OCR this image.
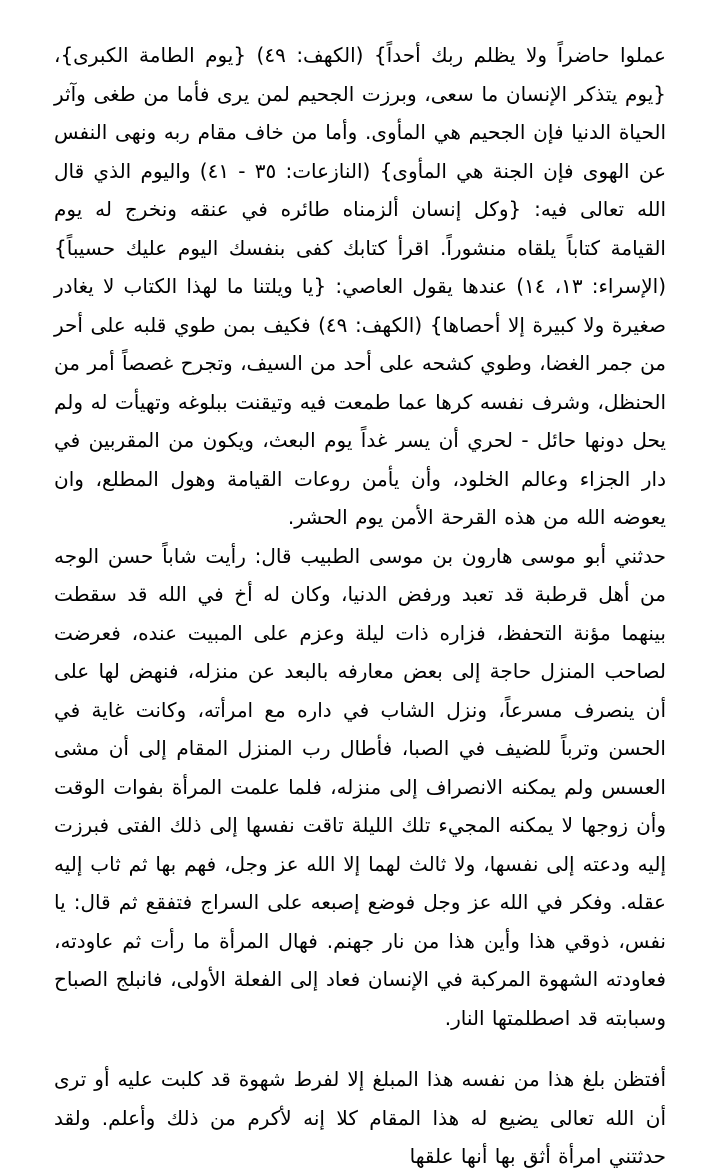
عملوا حاضراً ولا يظلم ربك أحداً} (الكهف: ٤٩) {يوم الطامة الكبرى}، {يوم يتذكر الإنسان ما سعى، وبرزت الجحيم لمن يرى فأما من طغى وآثر الحياة الدنيا فإن الجحيم هي المأوى. وأما من خاف مقام ربه ونهى النفس عن الهوى فإن الجنة هي المأوى} (النازعات: ٣٥ - ٤١) واليوم الذي قال الله تعالى فيه: {وكل إنسان ألزمناه طائره في عنقه ونخرج له يوم القيامة كتاباً يلقاه منشوراً. اقرأ كتابك كفى بنفسك اليوم عليك حسيباً} (الإسراء: ١٣، ١٤) عندها يقول العاصي: {يا ويلتنا ما لهذا الكتاب لا يغادر صغيرة ولا كبيرة إلا أحصاها} (الكهف: ٤٩) فكيف بمن طوي قلبه على أحر من جمر الغضا، وطوي كشحه على أحد من السيف، وتجرح غصصاً أمر من الحنظل، وشرف نفسه كرها عما طمعت فيه وتيقنت ببلوغه وتهيأت له ولم يحل دونها حائل - لحري أن يسر غداً يوم البعث، ويكون من المقربين في دار الجزاء وعالم الخلود، وأن يأمن روعات القيامة وهول المطلع، وان يعوضه الله من هذه القرحة الأمن يوم الحشر.

حدثني أبو موسى هارون بن موسى الطبيب قال: رأيت شاباً حسن الوجه من أهل قرطبة قد تعبد ورفض الدنيا، وكان له أخ في الله قد سقطت بينهما مؤنة التحفظ، فزاره ذات ليلة وعزم على المبيت عنده، فعرضت لصاحب المنزل حاجة إلى بعض معارفه بالبعد عن منزله، فنهض لها على أن ينصرف مسرعاً، ونزل الشاب في داره مع امرأته، وكانت غاية في الحسن وترباً للضيف في الصبا، فأطال رب المنزل المقام إلى أن مشى العسس ولم يمكنه الانصراف إلى منزله، فلما علمت المرأة بفوات الوقت وأن زوجها لا يمكنه المجيء تلك الليلة تاقت نفسها إلى ذلك الفتى فبرزت إليه ودعته إلى نفسها، ولا ثالث لهما إلا الله عز وجل، فهم بها ثم ثاب إليه عقله. وفكر في الله عز وجل فوضع إصبعه على السراج فتفقع ثم قال: يا نفس، ذوقي هذا وأين هذا من نار جهنم. فهال المرأة ما رأت ثم عاودته، فعاودته الشهوة المركبة في الإنسان فعاد إلى الفعلة الأولى، فانبلج الصباح وسبابته قد اصطلمتها النار.

أفتظن بلغ هذا من نفسه هذا المبلغ إلا لفرط شهوة قد كلبت عليه أو ترى أن الله تعالى يضيع له هذا المقام كلا إنه لأكرم من ذلك وأعلم. ولقد حدثتني امرأة أثق بها أنها علقها
